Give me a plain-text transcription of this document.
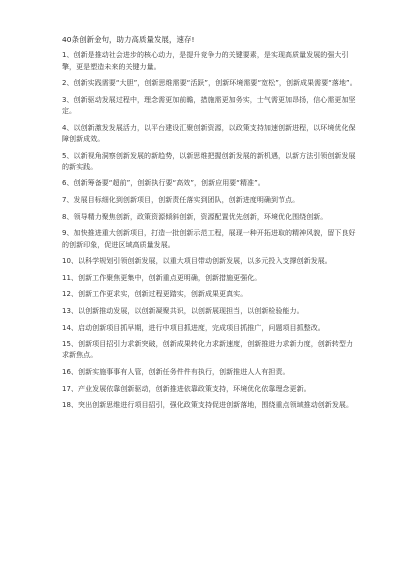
40条创新金句，助力高质量发展，速存!

1、创新是推动社会进步的核心动力，是提升竞争力的关键要素，是实现高质量发展的强大引擎，更是塑造未来的关键力量。

2、创新实践需要“大胆”，创新思维需要“活跃”，创新环境需要“宽松”，创新成果需要“落地”。

3、创新驱动发展过程中，理念需更加前瞻，措施需更加务实，士气需更加昂扬，信心需更加坚定。

4、以创新激发发展活力，以平台建设汇聚创新资源，以政策支持加速创新进程，以环境优化保障创新成效。

5、以新视角洞察创新发展的新趋势，以新思维把握创新发展的新机遇，以新方法引领创新发展的新实践。

6、创新筹备要“超前”，创新执行要“高效”，创新应用要“精准”。

7、发展目标细化到创新项目，创新责任落实到团队，创新进度明确到节点。

8、领导精力聚焦创新，政策资源倾斜创新，资源配置优先创新，环境优化围绕创新。

9、加快推进重大创新项目，打造一批创新示范工程，展现一种开拓进取的精神风貌，留下良好的创新印象，促进区域高质量发展。

10、以科学规划引领创新发展，以重大项目带动创新发展，以多元投入支撑创新发展。

11、创新工作聚焦更集中，创新重点更明确，创新措施更强化。

12、创新工作更求实，创新过程更踏实，创新成果更真实。

13、以创新推动发展，以创新凝聚共识，以创新展现担当，以创新检验能力。

14、启动创新项目抓早期，进行中项目抓进度，完成项目抓推广，问题项目抓整改。

15、创新项目招引力求新突破，创新成果转化力求新速度，创新推进力求新力度，创新转型力求新焦点。

16、创新实施事事有人管，创新任务件件有执行，创新推进人人有担责。

17、产业发展依靠创新驱动，创新推进依靠政策支持，环境优化依靠理念更新。

18、突出创新思维进行项目招引，强化政策支持促进创新落地，围绕重点领域推动创新发展。
